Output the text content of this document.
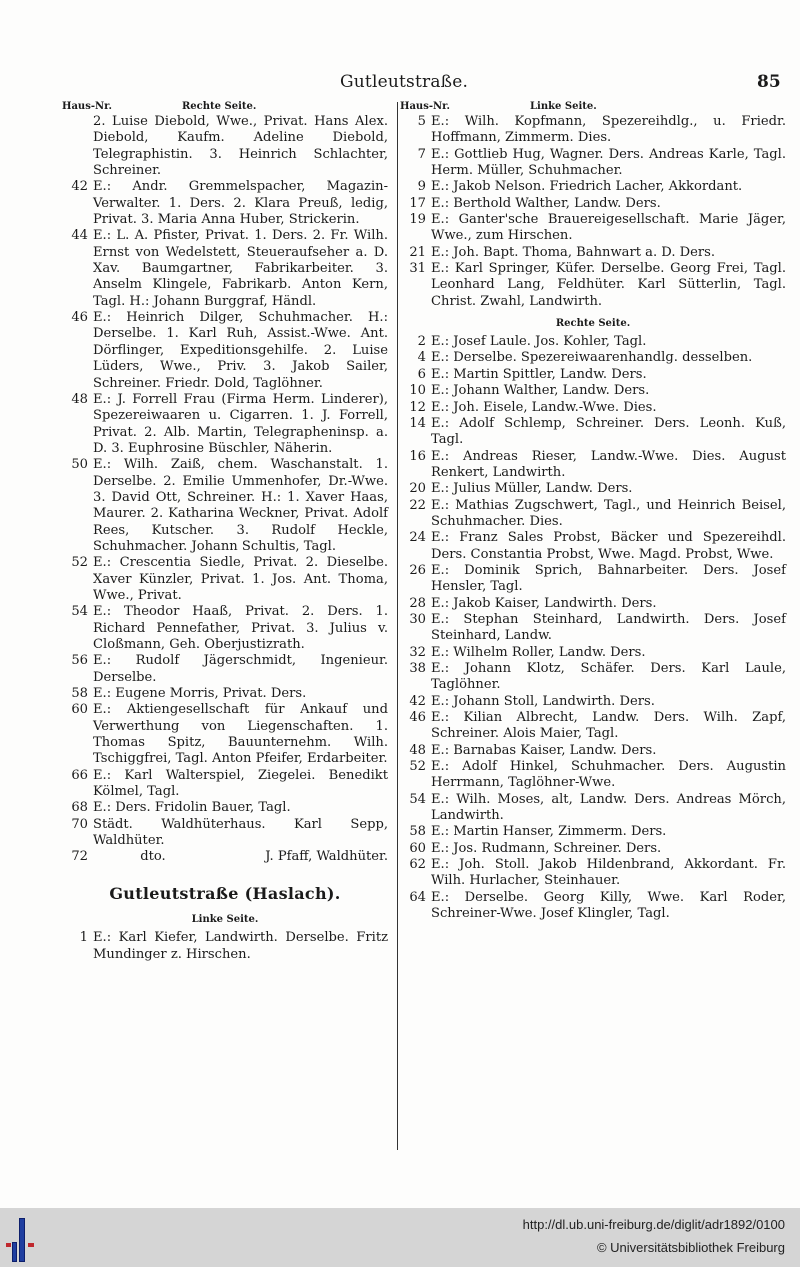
Gutleutstraße.	85
Haus-Nr.	Rechte Seite.
2. Luise Diebold, Wwe., Privat. Hans Alex. Diebold, Kaufm. Adeline Diebold, Telegraphistin. 3. Heinrich Schlachter, Schreiner.
42 E.: Andr. Gremmelspacher, Magazin-Verwalter. 1. Ders. 2. Klara Preuß, ledig, Privat. 3. Maria Anna Huber, Strickerin.
44 E.: L. A. Pfister, Privat. 1. Ders. 2. Fr. Wilh. Ernst von Wedelstett, Steueraufseher a. D. Xav. Baumgartner, Fabrikarbeiter. 3. Anselm Klingele, Fabrikarb. Anton Kern, Tagl. H.: Johann Burggraf, Händl.
46 E.: Heinrich Dilger, Schuhmacher. H.: Derselbe. 1. Karl Ruh, Assist.-Wwe. Ant. Dörflinger, Expeditionsgehilfe. 2. Luise Lüders, Wwe., Priv. 3. Jakob Sailer, Schreiner. Friedr. Dold, Taglöhner.
48 E.: J. Forrell Frau (Firma Herm. Linderer), Spezereiwaaren u. Cigarren. 1. J. Forrell, Privat. 2. Alb. Martin, Telegrapheninsp. a. D. 3. Euphrosine Büschler, Näherin.
50 E.: Wilh. Zaiß, chem. Waschanstalt. 1. Derselbe. 2. Emilie Ummenhofer, Dr.-Wwe. 3. David Ott, Schreiner. H.: 1. Xaver Haas, Maurer. 2. Katharina Weckner, Privat. Adolf Rees, Kutscher. 3. Rudolf Heckle, Schuhmacher. Johann Schultis, Tagl.
52 E.: Crescentia Siedle, Privat. 2. Dieselbe. Xaver Künzler, Privat. 1. Jos. Ant. Thoma, Wwe., Privat.
54 E.: Theodor Haaß, Privat. 2. Ders. 1. Richard Pennefather, Privat. 3. Julius v. Cloßmann, Geh. Oberjustizrath.
56 E.: Rudolf Jägerschmidt, Ingenieur. Derselbe.
58 E.: Eugene Morris, Privat. Ders.
60 E.: Aktiengesellschaft für Ankauf und Verwerthung von Liegenschaften. 1. Thomas Spitz, Bauunternehm. Wilh. Tschiggfrei, Tagl. Anton Pfeifer, Erdarbeiter.
66 E.: Karl Walterspiel, Ziegelei. Benedikt Kölmel, Tagl.
68 E.: Ders. Fridolin Bauer, Tagl.
70 Städt. Waldhüterhaus. Karl Sepp, Waldhüter.
72	dto.	J. Pfaff, Waldhüter.
Gutleutstraße (Haslach).
Linke Seite.
1 E.: Karl Kiefer, Landwirth. Derselbe. Fritz Mundinger z. Hirschen.
Haus-Nr.	Linke Seite.
5 E.: Wilh. Kopfmann, Spezereihdlg., u. Friedr. Hoffmann, Zimmerm. Dies.
7 E.: Gottlieb Hug, Wagner. Ders. Andreas Karle, Tagl. Herm. Müller, Schuhmacher.
9 E.: Jakob Nelson. Friedrich Lacher, Akkordant.
17 E.: Berthold Walther, Landw. Ders.
19 E.: Ganter'sche Brauereigesellschaft. Marie Jäger, Wwe., zum Hirschen.
21 E.: Joh. Bapt. Thoma, Bahnwart a. D. Ders.
31 E.: Karl Springer, Küfer. Derselbe. Georg Frei, Tagl. Leonhard Lang, Feldhüter. Karl Sütterlin, Tagl. Christ. Zwahl, Landwirth.
Rechte Seite.
2 E.: Josef Laule. Jos. Kohler, Tagl.
4 E.: Derselbe. Spezereiwaarenhandlg. desselben.
6 E.: Martin Spittler, Landw. Ders.
10 E.: Johann Walther, Landw. Ders.
12 E.: Joh. Eisele, Landw.-Wwe. Dies.
14 E.: Adolf Schlemp, Schreiner. Ders. Leonh. Kuß, Tagl.
16 E.: Andreas Rieser, Landw.-Wwe. Dies. August Renkert, Landwirth.
20 E.: Julius Müller, Landw. Ders.
22 E.: Mathias Zugschwert, Tagl., und Heinrich Beisel, Schuhmacher. Dies.
24 E.: Franz Sales Probst, Bäcker und Spezereihdl. Ders. Constantia Probst, Wwe. Magd. Probst, Wwe.
26 E.: Dominik Sprich, Bahnarbeiter. Ders. Josef Hensler, Tagl.
28 E.: Jakob Kaiser, Landwirth. Ders.
30 E.: Stephan Steinhard, Landwirth. Ders. Josef Steinhard, Landw.
32 E.: Wilhelm Roller, Landw. Ders.
38 E.: Johann Klotz, Schäfer. Ders. Karl Laule, Taglöhner.
42 E.: Johann Stoll, Landwirth. Ders.
46 E.: Kilian Albrecht, Landw. Ders. Wilh. Zapf, Schreiner. Alois Maier, Tagl.
48 E.: Barnabas Kaiser, Landw. Ders.
52 E.: Adolf Hinkel, Schuhmacher. Ders. Augustin Herrmann, Taglöhner-Wwe.
54 E.: Wilh. Moses, alt, Landw. Ders. Andreas Mörch, Landwirth.
58 E.: Martin Hanser, Zimmerm. Ders.
60 E.: Jos. Rudmann, Schreiner. Ders.
62 E.: Joh. Stoll. Jakob Hildenbrand, Akkordant. Fr. Wilh. Hurlacher, Steinhauer.
64 E.: Derselbe. Georg Killy, Wwe. Karl Roder, Schreiner-Wwe. Josef Klingler, Tagl.
http://dl.ub.uni-freiburg.de/diglit/adr1892/0100
© Universitätsbibliothek Freiburg
